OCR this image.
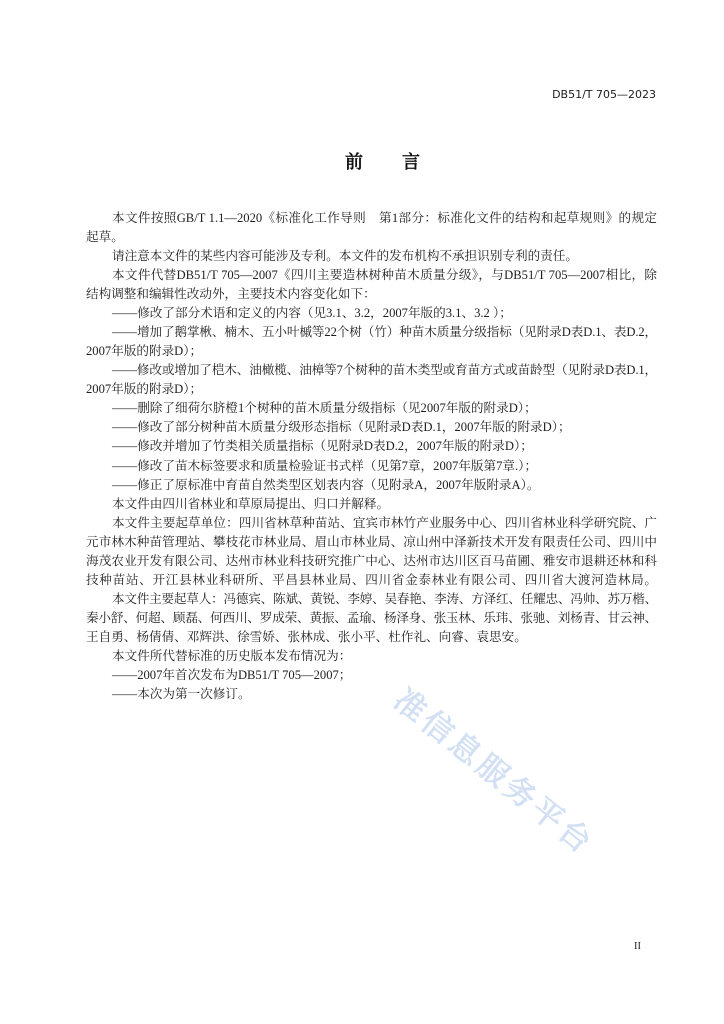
DB51/T 705—2023
前言
准信息服务平台
本文件按照GB/T 1.1—2020《标准化工作导则　第1部分：标准化文件的结构和起草规则》的规定
起草。
请注意本文件的某些内容可能涉及专利。本文件的发布机构不承担识别专利的责任。
本文件代替DB51/T 705—2007《四川主要造林树种苗木质量分级》，与DB51/T 705—2007相比，除
结构调整和编辑性改动外，主要技术内容变化如下：
——修改了部分术语和定义的内容（见3.1、3.2，2007年版的3.1、3.2 ）；
——增加了鹅掌楸、楠木、五小叶槭等22个树（竹）种苗木质量分级指标（见附录D表D.1、表D.2，
2007年版的附录D）；
——修改或增加了桤木、油橄榄、油樟等7个树种的苗木类型或育苗方式或苗龄型（见附录D表D.1，
2007年版的附录D）；
——删除了细荷尔脐橙1个树种的苗木质量分级指标（见2007年版的附录D）；
——修改了部分树种苗木质量分级形态指标（见附录D表D.1，2007年版的附录D）；
——修改并增加了竹类相关质量指标（见附录D表D.2，2007年版的附录D）；
——修改了苗木标签要求和质量检验证书式样（见第7章，2007年版第7章.）；
——修正了原标准中育苗自然类型区划表内容（见附录A，2007年版附录A）。
本文件由四川省林业和草原局提出、归口并解释。
本文件主要起草单位：四川省林草种苗站、宜宾市林竹产业服务中心、四川省林业科学研究院、广
元市林木种苗管理站、攀枝花市林业局、眉山市林业局、凉山州中泽新技术开发有限责任公司、四川中
海茂农业开发有限公司、达州市林业科技研究推广中心、达州市达川区百马苗圃、雅安市退耕还林和科
技种苗站、开江县林业科研所、平昌县林业局、四川省金泰林业有限公司、四川省大渡河造林局。
本文件主要起草人：冯德宾、陈斌、黄锐、李婷、吴春艳、李涛、方泽红、任耀忠、冯帅、苏万楷、
秦小舒、何超、顾磊、何西川、罗成荣、黄振、孟瑜、杨泽身、张玉林、乐玮、张驰、刘杨青、甘云神、
王自勇、杨倩倩、邓辉洪、徐雪娇、张林成、张小平、杜作礼、向睿、袁思安。
本文件所代替标准的历史版本发布情况为：
——2007年首次发布为DB51/T 705—2007；
——本次为第一次修订。
II
